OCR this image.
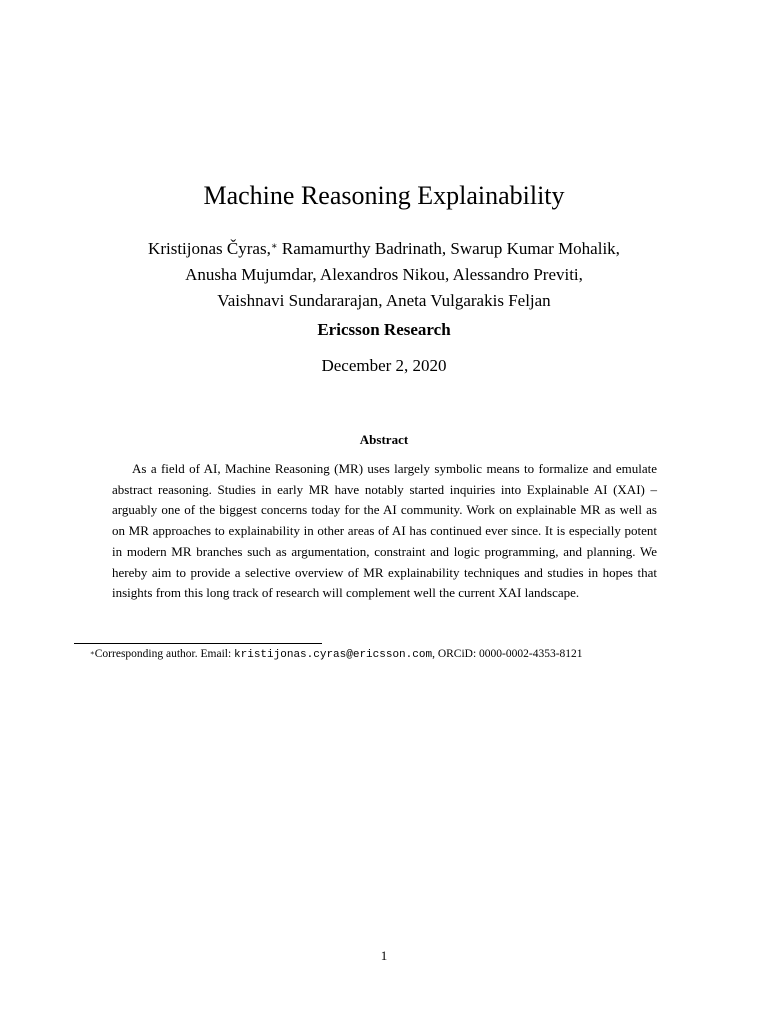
Machine Reasoning Explainability
Kristijonas Čyras,∗ Ramamurthy Badrinath, Swarup Kumar Mohalik,
Anusha Mujumdar, Alexandros Nikou, Alessandro Previti,
Vaishnavi Sundararajan, Aneta Vulgarakis Feljan
Ericsson Research
December 2, 2020
Abstract
As a field of AI, Machine Reasoning (MR) uses largely symbolic means to formalize and emulate abstract reasoning. Studies in early MR have notably started inquiries into Explainable AI (XAI) – arguably one of the biggest concerns today for the AI community. Work on explainable MR as well as on MR approaches to explainability in other areas of AI has continued ever since. It is especially potent in modern MR branches such as argumentation, constraint and logic programming, and planning. We hereby aim to provide a selective overview of MR explainability techniques and studies in hopes that insights from this long track of research will complement well the current XAI landscape.
∗Corresponding author. Email: kristijonas.cyras@ericsson.com, ORCiD: 0000-0002-4353-8121
1
